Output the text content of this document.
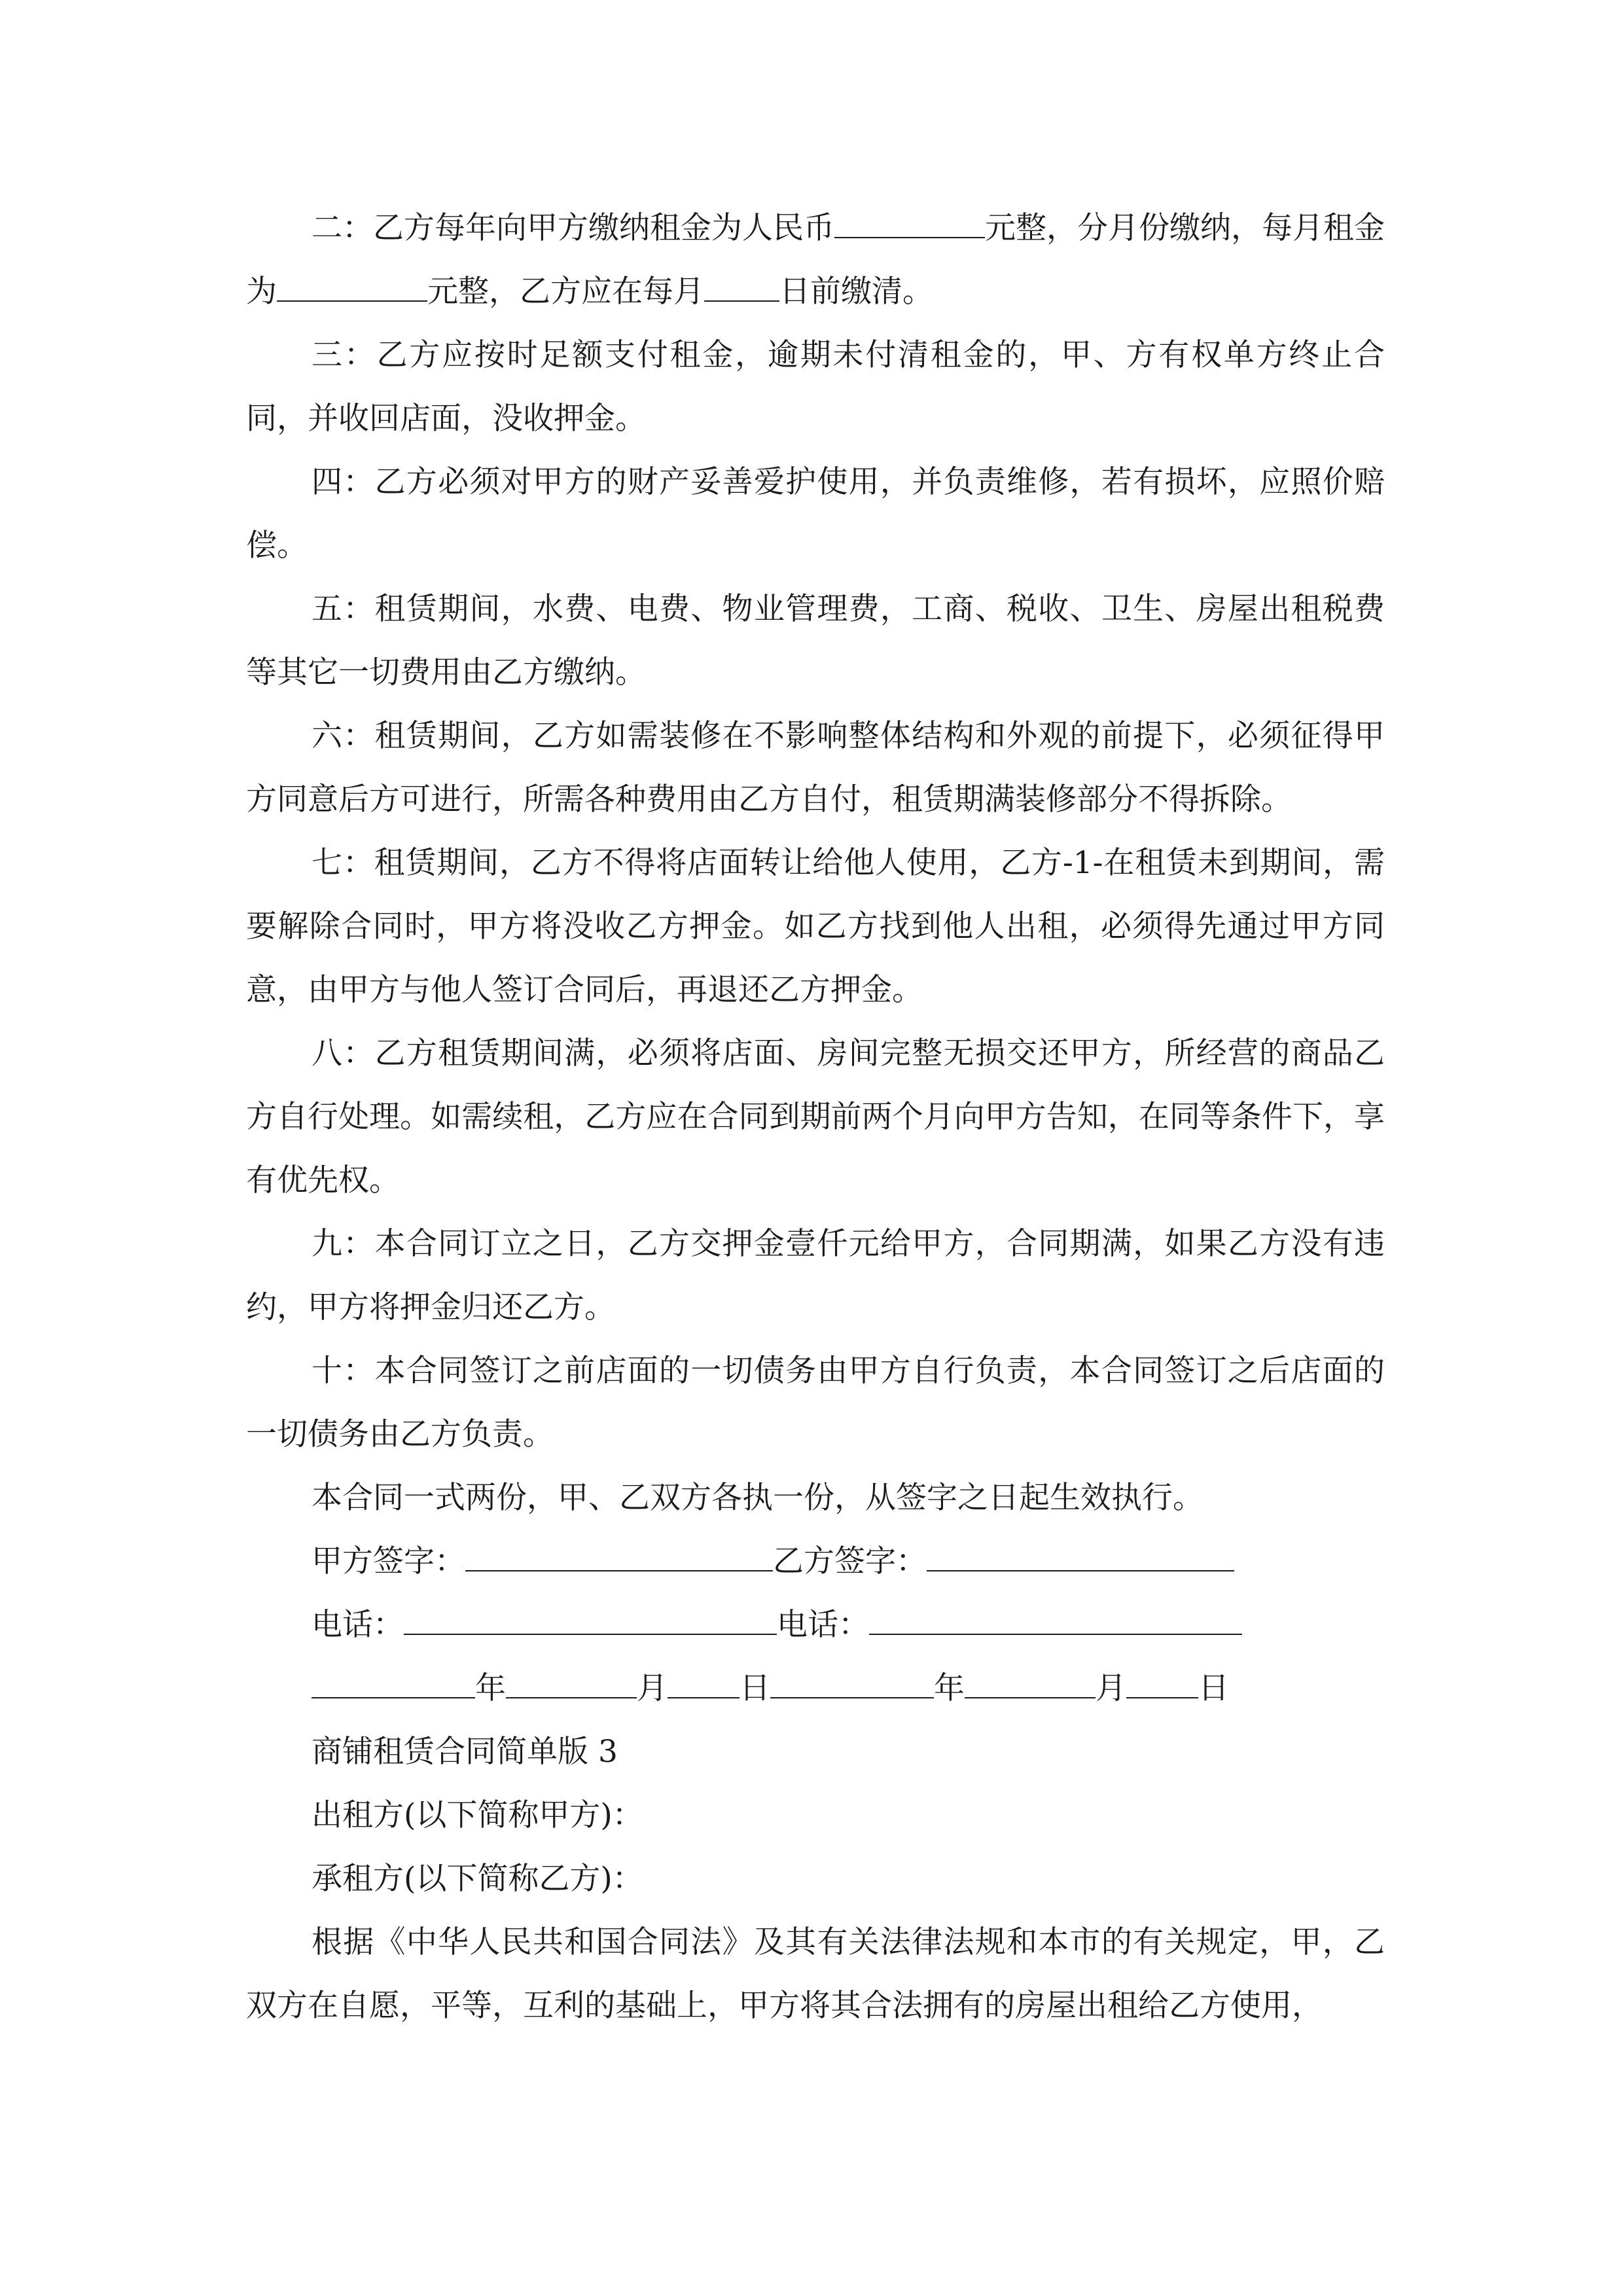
二：乙方每年向甲方缴纳租金为人民币	元整，分月份缴纳，每月租金为	元整，乙方应在每月 日前缴清。

三：乙方应按时足额支付租金，逾期未付清租金的，甲、方有权单方终止合同，并收回店面，没收押金。

四：乙方必须对甲方的财产妥善爱护使用，并负责维修，若有损坏，应照价赔偿。

五：租赁期间，水费、电费、物业管理费，工商、税收、卫生、房屋出租税费等其它一切费用由乙方缴纳。

六：租赁期间，乙方如需装修在不影响整体结构和外观的前提下，必须征得甲方同意后方可进行，所需各种费用由乙方自付，租赁期满装修部分不得拆除。

七：租赁期间，乙方不得将店面转让给他人使用，乙方-1-在租赁未到期间，需要解除合同时，甲方将没收乙方押金。如乙方找到他人出租，必须得先通过甲方同意，由甲方与他人签订合同后，再退还乙方押金。

八：乙方租赁期间满，必须将店面、房间完整无损交还甲方，所经营的商品乙方自行处理。如需续租，乙方应在合同到期前两个月向甲方告知，在同等条件下，享有优先权。

九：本合同订立之日，乙方交押金壹仟元给甲方，合同期满，如果乙方没有违约，甲方将押金归还乙方。

十：本合同签订之前店面的一切债务由甲方自行负责，本合同签订之后店面的一切债务由乙方负责。

本合同一式两份，甲、乙双方各执一份，从签字之日起生效执行。

甲方签字：	乙方签字：

电话：	电话：

年	月 日	年	月 日

商铺租赁合同简单版 3

出租方(以下简称甲方)：

承租方(以下简称乙方)：

根据《中华人民共和国合同法》及其有关法律法规和本市的有关规定，甲，乙双方在自愿，平等，互利的基础上，甲方将其合法拥有的房屋出租给乙方使用，
